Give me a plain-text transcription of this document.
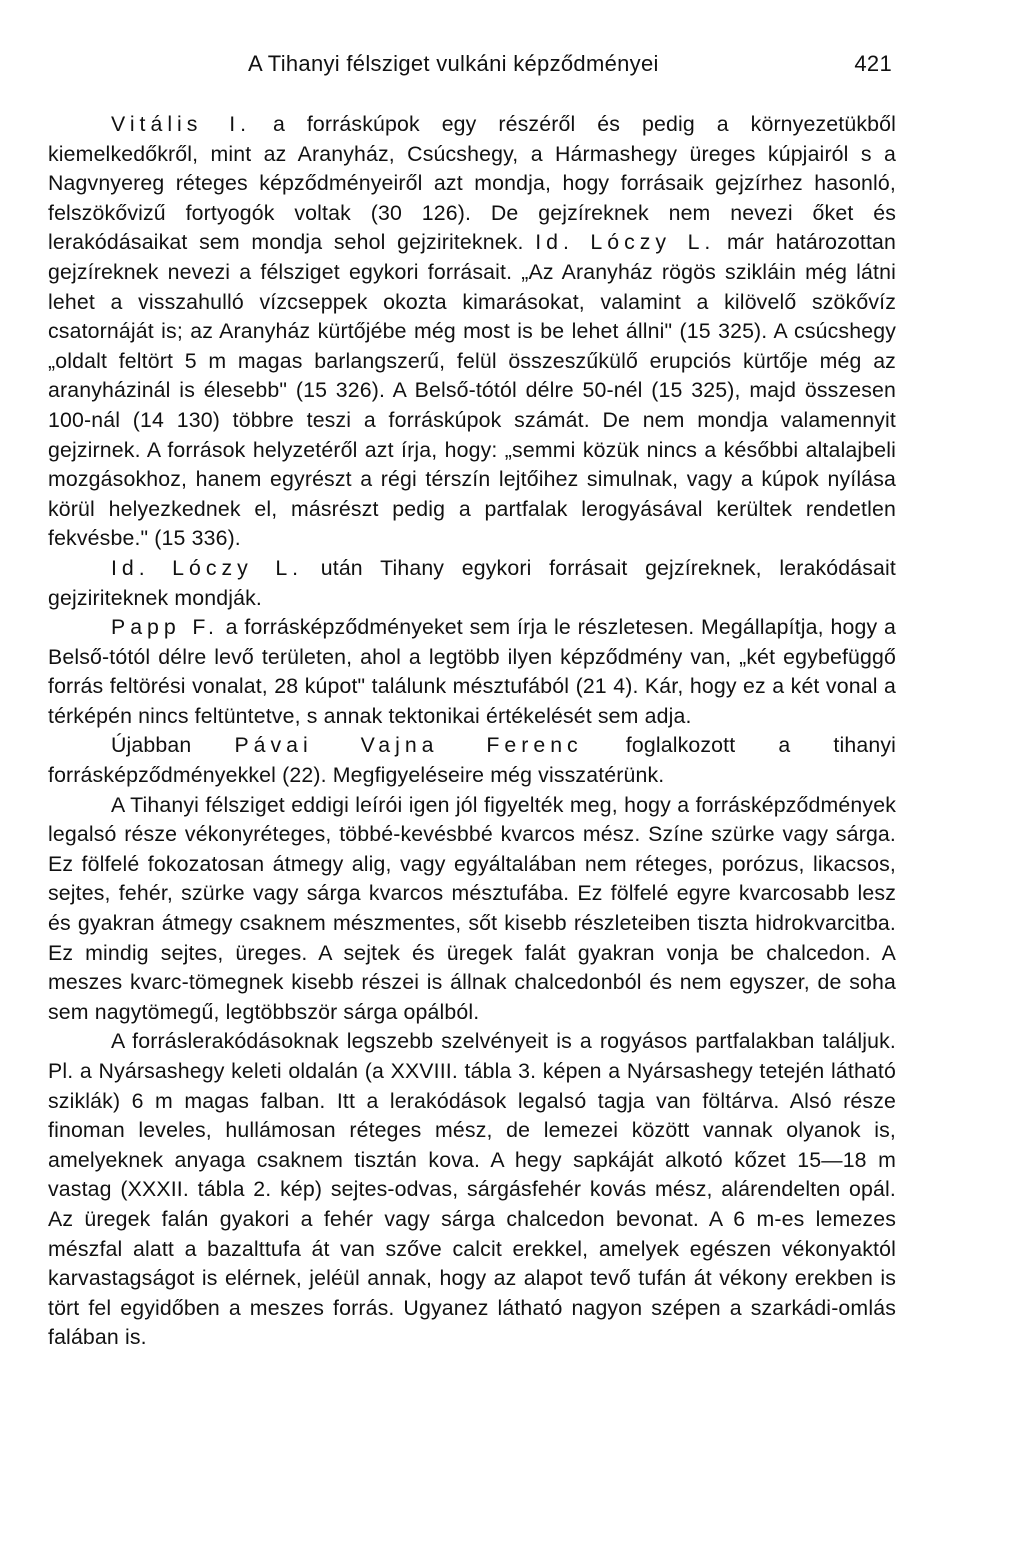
A Tihanyi félsziget vulkáni képződményei	421

Vitális I. a forráskúpok egy részéről és pedig a környezetükből kiemelkedőkről, mint az Aranyház, Csúcshegy, a Hármashegy üreges kúpjairól s a Nagvnyereg réteges képződményeiről azt mondja, hogy forrásaik gejzírhez hasonló, felszökővizű fortyogók voltak (30 126). De gejzíreknek nem nevezi őket és lerakódásaikat sem mondja sehol gejziriteknek. Id. Lóczy L. már határozottan gejzíreknek nevezi a félsziget egykori forrásait. „Az Aranyház rögös szikláin még látni lehet a visszahulló vízcseppek okozta kimarásokat, valamint a kilövelő szökővíz csatornáját is; az Aranyház kürtőjébe még most is be lehet állni" (15 325). A csúcshegy „oldalt feltört 5 m magas barlangszerű, felül összeszűkülő erupciós kürtője még az aranyházinál is élesebb" (15 326). A Belső-tótól délre 50-nél (15 325), majd összesen 100-nál (14 130) többre teszi a forráskúpok számát. De nem mondja valamennyit gejzirnek. A források helyzetéről azt írja, hogy: „semmi közük nincs a későbbi altalajbeli mozgásokhoz, hanem egyrészt a régi térszín lejtőihez simulnak, vagy a kúpok nyílása körül helyezkednek el, másrészt pedig a partfalak lerogyásával kerültek rendetlen fekvésbe." (15 336).

Id. Lóczy L. után Tihany egykori forrásait gejzíreknek, lerakódásait gejziriteknek mondják.

Papp F. a forrásképződményeket sem írja le részletesen. Megállapítja, hogy a Belső-tótól délre levő területen, ahol a legtöbb ilyen képződmény van, „két egybefüggő forrás feltörési vonalat, 28 kúpot" találunk mésztufából (21 4). Kár, hogy ez a két vonal a térképén nincs feltüntetve, s annak tektonikai értékelését sem adja.

Újabban Pávai Vajna Ferenc foglalkozott a tihanyi forrásképződményekkel (22). Megfigyeléseire még visszatérünk.

A Tihanyi félsziget eddigi leírói igen jól figyelték meg, hogy a forrásképződmények legalsó része vékonyréteges, többé-kevésbbé kvarcos mész. Színe szürke vagy sárga. Ez fölfelé fokozatosan átmegy alig, vagy egyáltalában nem réteges, porózus, likacsos, sejtes, fehér, szürke vagy sárga kvarcos mésztufába. Ez fölfelé egyre kvarcosabb lesz és gyakran átmegy csaknem mészmentes, sőt kisebb részleteiben tiszta hidrokvarcitba. Ez mindig sejtes, üreges. A sejtek és üregek falát gyakran vonja be chalcedon. A meszes kvarc-tömegnek kisebb részei is állnak chalcedonból és nem egyszer, de soha sem nagytömegű, legtöbbször sárga opálból.

A forráslerakódásoknak legszebb szelvényeit is a rogyásos partfalakban találjuk. Pl. a Nyársashegy keleti oldalán (a XXVIII. tábla 3. képen a Nyársashegy tetején látható sziklák) 6 m magas falban. Itt a lerakódások legalsó tagja van föltárva. Alsó része finoman leveles, hullámosan réteges mész, de lemezei között vannak olyanok is, amelyeknek anyaga csaknem tisztán kova. A hegy sapkáját alkotó kőzet 15—18 m vastag (XXXII. tábla 2. kép) sejtes-odvas, sárgásfehér kovás mész, alárendelten opál. Az üregek falán gyakori a fehér vagy sárga chalcedon bevonat. A 6 m-es lemezes mészfal alatt a bazalttufa át van szőve calcit erekkel, amelyek egészen vékonyaktól karvastagságot is elérnek, jeléül annak, hogy az alapot tevő tufán át vékony erekben is tört fel egyidőben a meszes forrás. Ugyanez látható nagyon szépen a szarkádi-omlás falában is.
